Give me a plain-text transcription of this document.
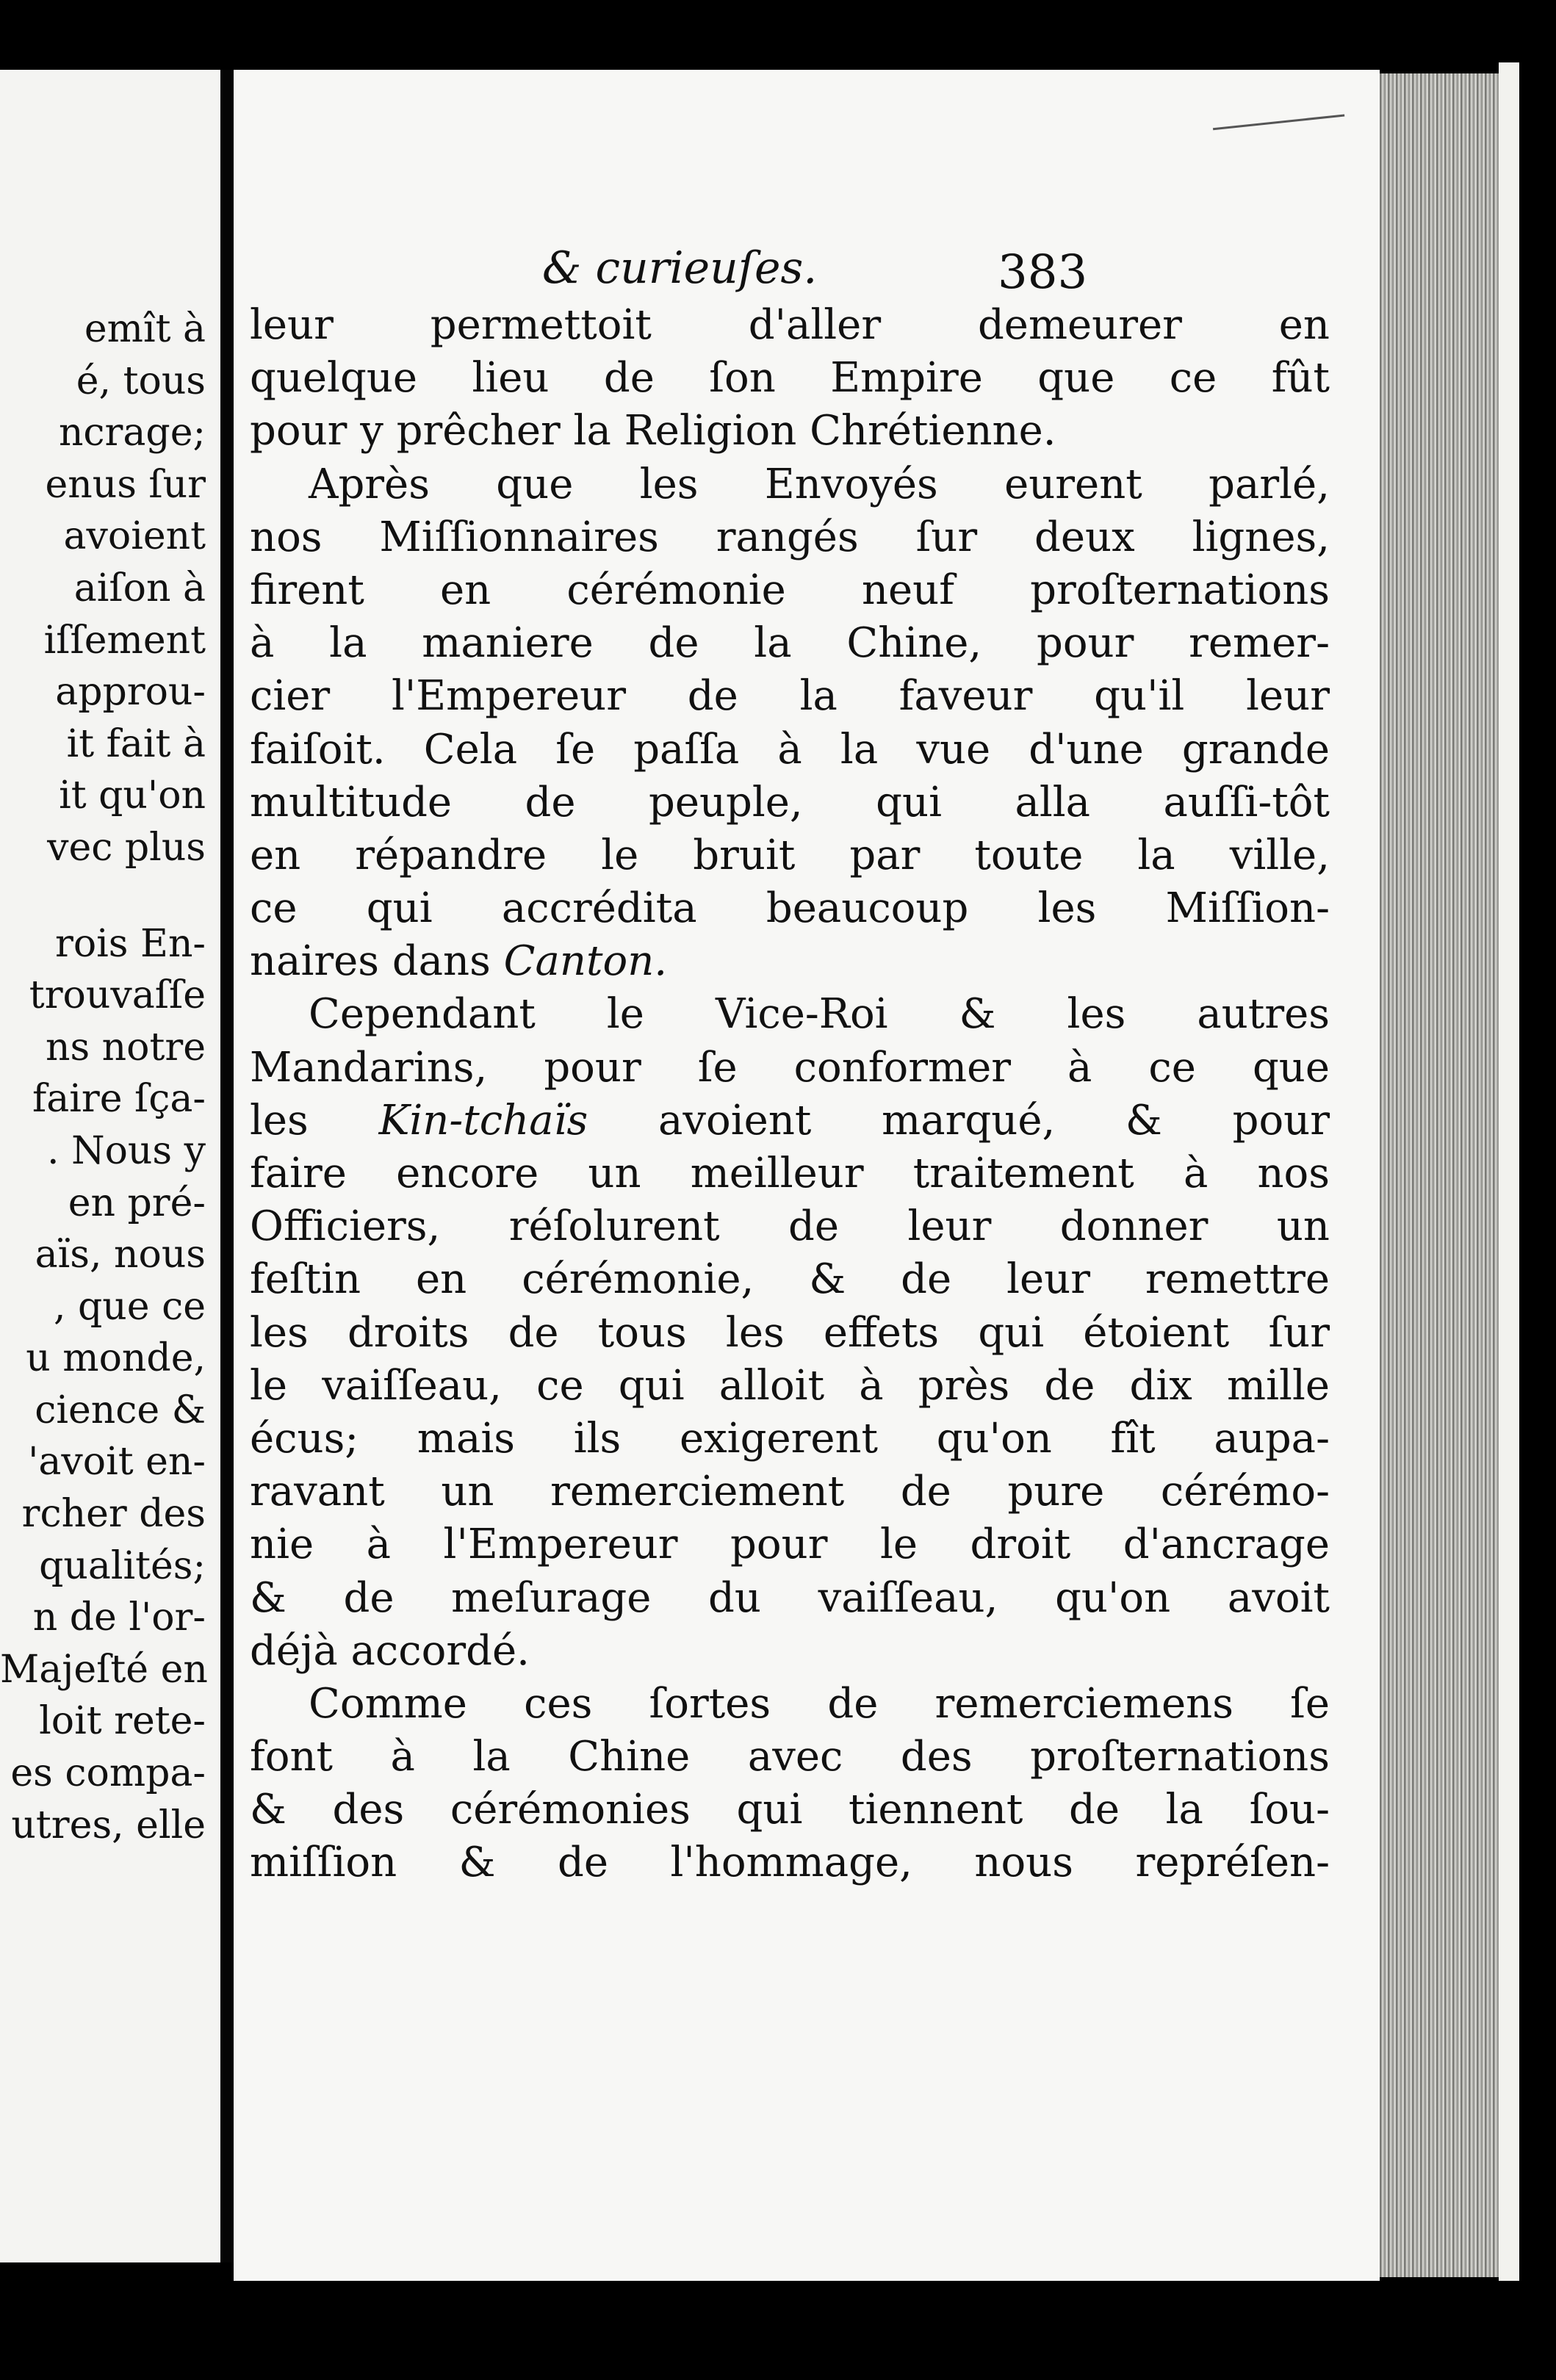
emît à
é, tous
ncrage;
enus ſur
avoient
aiſon à
iſſement
approu-
it fait à
it qu'on
vec plus
rois En-
trouvaſſe
ns notre
faire ſça-
. Nous y
en pré-
aïs, nous
, que ce
u monde,
cience &
'avoit en-
rcher des
qualités;
n de l'or-
Majeſté en
loit rete-
es compa-
utres, elle
& curieuſes.	383
leur permettoit d'aller demeurer en
quelque lieu de ſon Empire que ce fût
pour y prêcher la Religion Chrétienne.
Après que les Envoyés eurent parlé,
nos Miſſionnaires rangés ſur deux lignes,
firent en cérémonie neuf proſternations
à la maniere de la Chine, pour remer-
cier l'Empereur de la faveur qu'il leur
faiſoit. Cela ſe paſſa à la vue d'une grande
multitude de peuple, qui alla auſſi-tôt
en répandre le bruit par toute la ville,
ce qui accrédita beaucoup les Miſſion-
naires dans Canton.
Cependant le Vice-Roi & les autres
Mandarins, pour ſe conformer à ce que
les Kin-tchaïs avoient marqué, & pour
faire encore un meilleur traitement à nos
Officiers, réſolurent de leur donner un
feſtin en cérémonie, & de leur remettre
les droits de tous les effets qui étoient ſur
le vaiſſeau, ce qui alloit à près de dix mille
écus; mais ils exigerent qu'on fît aupa-
ravant un remerciement de pure cérémo-
nie à l'Empereur pour le droit d'ancrage
& de meſurage du vaiſſeau, qu'on avoit
déjà accordé.
Comme ces ſortes de remerciemens ſe
font à la Chine avec des proſternations
& des cérémonies qui tiennent de la ſou-
miſſion & de l'hommage, nous repréſen-
